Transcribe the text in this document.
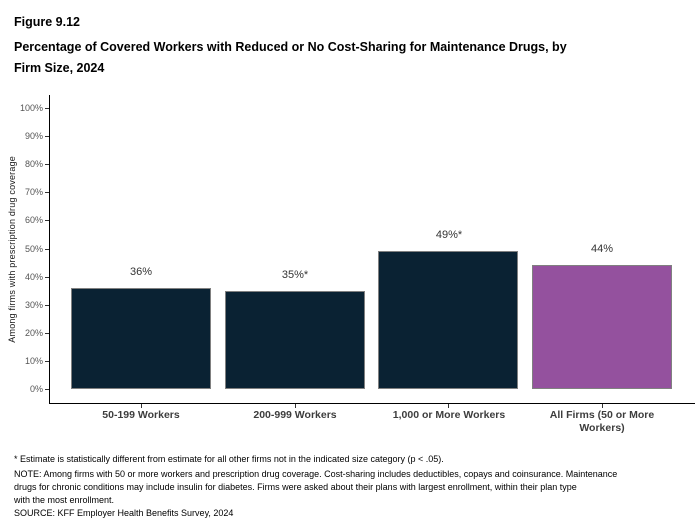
Figure 9.12
Percentage of Covered Workers with Reduced or No Cost-Sharing for Maintenance Drugs, by
Firm Size, 2024
Among firms with prescription drug coverage
0%
10%
20%
30%
40%
50%
60%
70%
80%
90%
100%
36%
50-199 Workers
35%*
200-999 Workers
49%*
1,000 or More Workers
44%
All Firms (50 or More Workers)
* Estimate is statistically different from estimate for all other firms not in the indicated size category (p < .05).
NOTE: Among firms with 50 or more workers and prescription drug coverage. Cost-sharing includes deductibles, copays and coinsurance. Maintenance
drugs for chronic conditions may include insulin for diabetes. Firms were asked about their plans with largest enrollment, within their plan type
with the most enrollment.
SOURCE: KFF Employer Health Benefits Survey, 2024
